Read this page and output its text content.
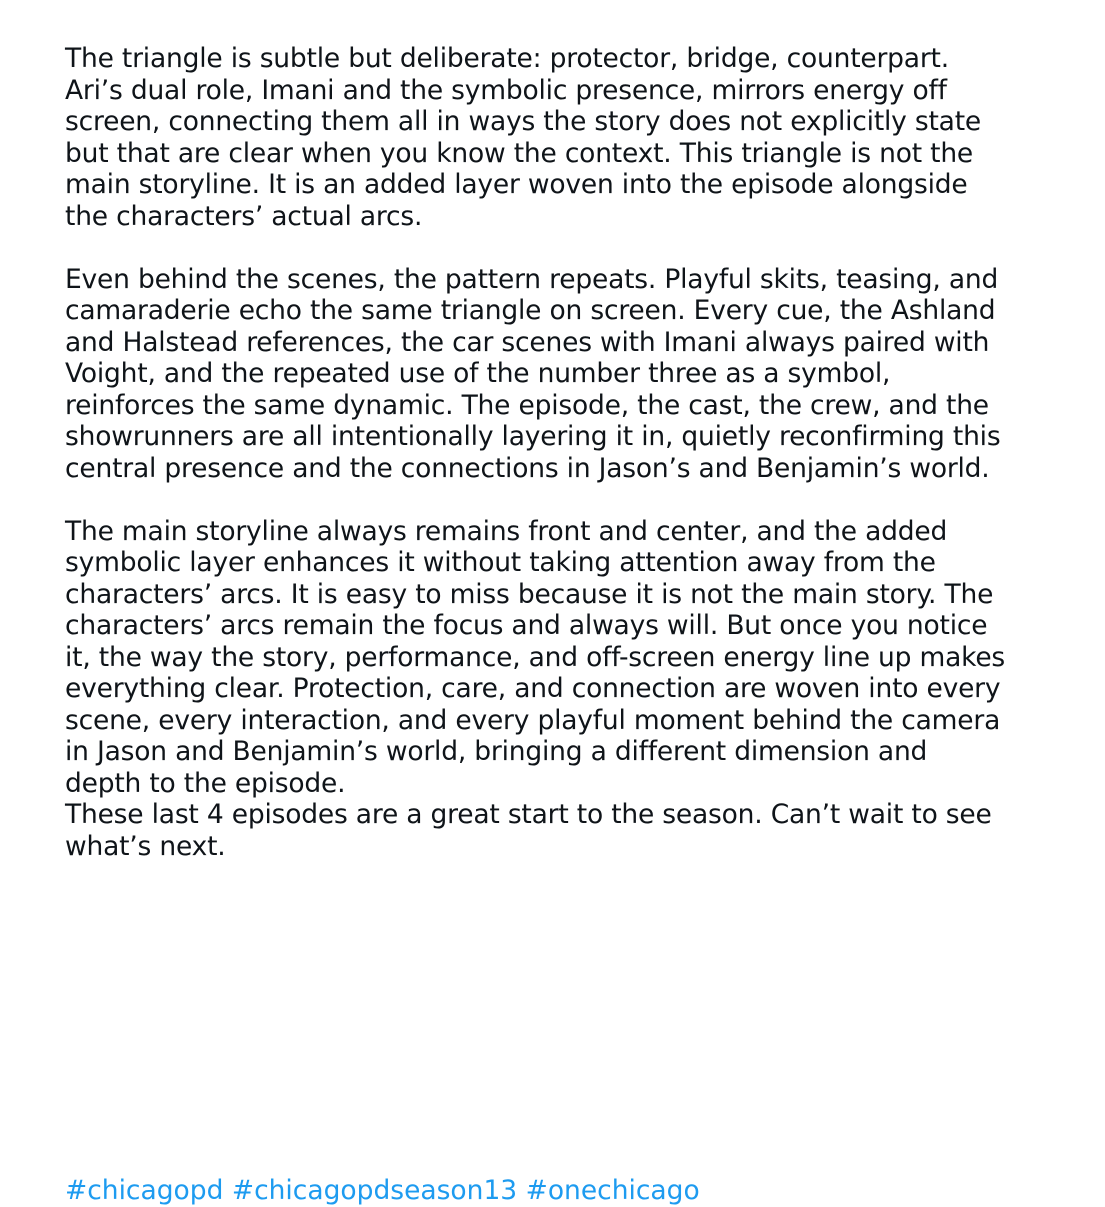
The triangle is subtle but deliberate: protector, bridge, counterpart.
Ari’s dual role, Imani and the symbolic presence, mirrors energy off
screen, connecting them all in ways the story does not explicitly state
but that are clear when you know the context. This triangle is not the
main storyline. It is an added layer woven into the episode alongside
the characters’ actual arcs.

Even behind the scenes, the pattern repeats. Playful skits, teasing, and
camaraderie echo the same triangle on screen. Every cue, the Ashland
and Halstead references, the car scenes with Imani always paired with
Voight, and the repeated use of the number three as a symbol,
reinforces the same dynamic. The episode, the cast, the crew, and the
showrunners are all intentionally layering it in, quietly reconfirming this
central presence and the connections in Jason’s and Benjamin’s world.

The main storyline always remains front and center, and the added
symbolic layer enhances it without taking attention away from the
characters’ arcs. It is easy to miss because it is not the main story. The
characters’ arcs remain the focus and always will. But once you notice
it, the way the story, performance, and off-screen energy line up makes
everything clear. Protection, care, and connection are woven into every
scene, every interaction, and every playful moment behind the camera
in Jason and Benjamin’s world, bringing a different dimension and
depth to the episode.
These last 4 episodes are a great start to the season. Can’t wait to see
what’s next.

#chicagopd #chicagopdseason13 #onechicago
